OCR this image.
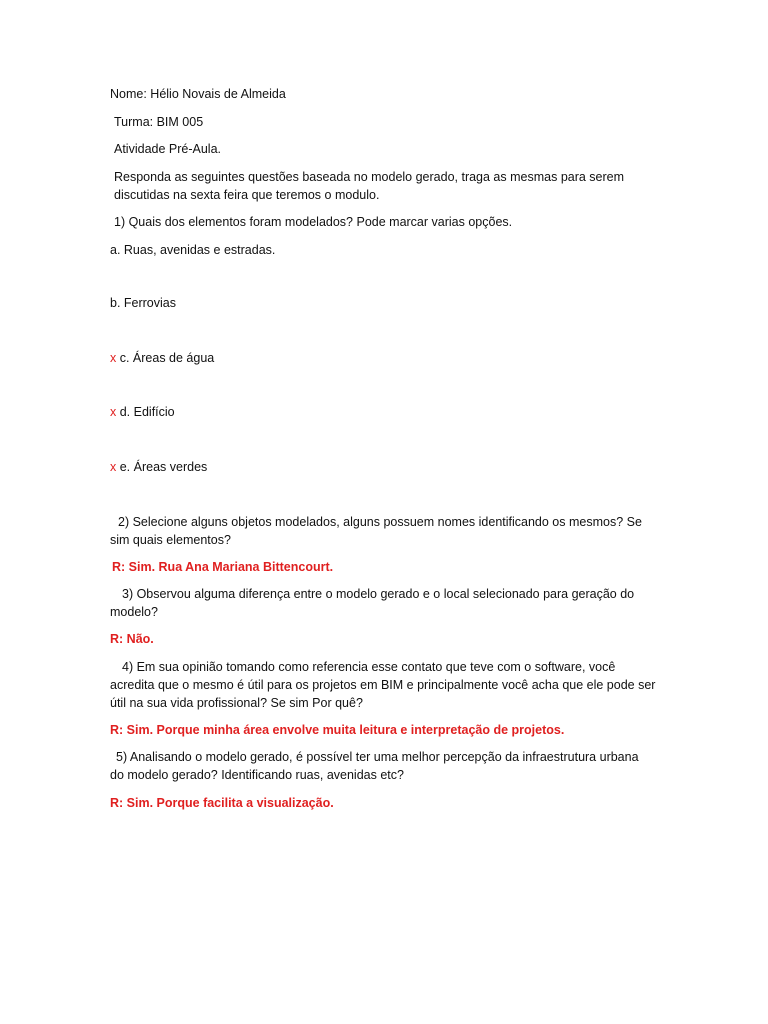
Nome: Hélio Novais de Almeida
Turma: BIM 005
Atividade Pré-Aula.
Responda as seguintes questões baseada no modelo gerado, traga as mesmas para serem discutidas na sexta feira que teremos o modulo.
1) Quais dos elementos foram modelados? Pode marcar varias opções.
a. Ruas, avenidas e estradas.
b. Ferrovias
x c. Áreas de água
x d. Edifício
x e. Áreas verdes
2) Selecione alguns objetos modelados, alguns possuem nomes identificando os mesmos? Se sim quais elementos?
R: Sim. Rua Ana Mariana Bittencourt.
3) Observou alguma diferença entre o modelo gerado e o local selecionado para geração do modelo?
R: Não.
4) Em sua opinião tomando como referencia esse contato que teve com o software, você acredita que o mesmo é útil para os projetos em BIM e principalmente você acha que ele pode ser útil na sua vida profissional? Se sim Por quê?
R: Sim. Porque minha área envolve muita leitura e interpretação de projetos.
5) Analisando o modelo gerado, é possível ter uma melhor percepção da infraestrutura urbana do modelo gerado? Identificando ruas, avenidas etc?
R: Sim. Porque facilita a visualização.
